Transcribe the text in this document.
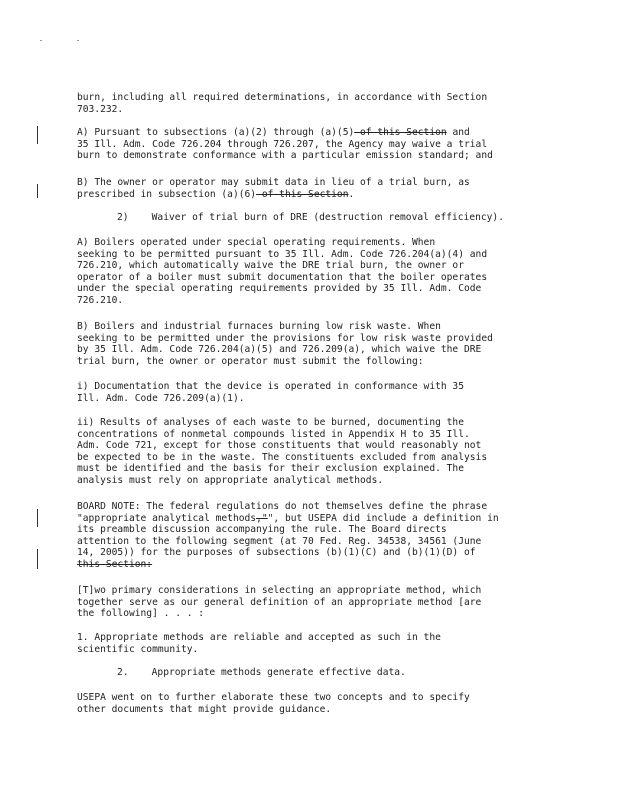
burn, including all required determinations, in accordance with Section
703.232.
A) Pursuant to subsections (a)(2) through (a)(5) of this Section and
35 Ill. Adm. Code 726.204 through 726.207, the Agency may waive a trial
burn to demonstrate conformance with a particular emission standard; and
B) The owner or operator may submit data in lieu of a trial burn, as
prescribed in subsection (a)(6) of this Section.
2)    Waiver of trial burn of DRE (destruction removal efficiency).
A) Boilers operated under special operating requirements. When
seeking to be permitted pursuant to 35 Ill. Adm. Code 726.204(a)(4) and
726.210, which automatically waive the DRE trial burn, the owner or
operator of a boiler must submit documentation that the boiler operates
under the special operating requirements provided by 35 Ill. Adm. Code
726.210.
B) Boilers and industrial furnaces burning low risk waste. When
seeking to be permitted under the provisions for low risk waste provided
by 35 Ill. Adm. Code 726.204(a)(5) and 726.209(a), which waive the DRE
trial burn, the owner or operator must submit the following:
i) Documentation that the device is operated in conformance with 35
Ill. Adm. Code 726.209(a)(1).
ii) Results of analyses of each waste to be burned, documenting the
concentrations of nonmetal compounds listed in Appendix H to 35 Ill.
Adm. Code 721, except for those constituents that would reasonably not
be expected to be in the waste. The constituents excluded from analysis
must be identified and the basis for their exclusion explained. The
analysis must rely on appropriate analytical methods.
BOARD NOTE: The federal regulations do not themselves define the phrase
"appropriate analytical methods,"", but USEPA did include a definition in
its preamble discussion accompanying the rule. The Board directs
attention to the following segment (at 70 Fed. Reg. 34538, 34561 (June
14, 2005)) for the purposes of subsections (b)(1)(C) and (b)(1)(D) of
this Section:
[T]wo primary considerations in selecting an appropriate method, which
together serve as our general definition of an appropriate method [are
the following] . . . :
1. Appropriate methods are reliable and accepted as such in the
scientific community.
2.    Appropriate methods generate effective data.
USEPA went on to further elaborate these two concepts and to specify
other documents that might provide guidance.
